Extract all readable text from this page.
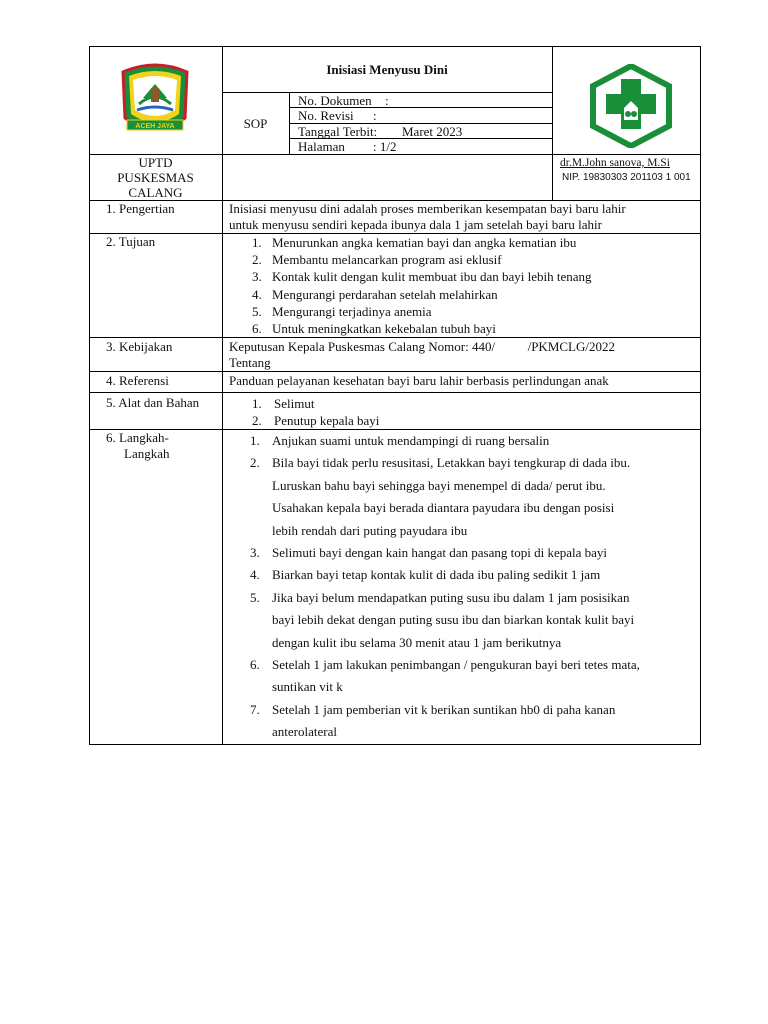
ACEH JAYA
Inisiasi Menyusu Dini
SOP
No. Dokumen :
No. Revisi :
Tanggal Terbit: Maret 2023
Halaman : 1/2
UPTD
PUSKESMAS
CALANG
dr.M.John sanova, M.Si
NIP. 19830303 201103 1 001
1. Pengertian	Inisiasi menyusu dini adalah proses memberikan kesempatan bayi baru lahir
untuk menyusu sendiri kepada ibunya dala 1 jam setelah bayi baru lahir
2. Tujuan	1. Menurunkan angka kematian bayi dan angka kematian ibu
2. Membantu melancarkan program asi eklusif
3. Kontak kulit dengan kulit membuat ibu dan bayi lebih tenang
4. Mengurangi perdarahan setelah melahirkan
5. Mengurangi terjadinya anemia
6. Untuk meningkatkan kekebalan tubuh bayi
3. Kebijakan	Keputusan Kepala Puskesmas Calang Nomor: 440/          /PKMCLG/2022
Tentang
4. Referensi	Panduan pelayanan kesehatan bayi baru lahir berbasis perlindungan anak
5. Alat dan Bahan	1. Selimut
2. Penutup kepala bayi
6. Langkah-
Langkah
1. Anjukan suami untuk mendampingi di ruang bersalin
2. Bila bayi tidak perlu resusitasi, Letakkan bayi tengkurap di dada ibu.
Luruskan bahu bayi sehingga bayi menempel di dada/ perut ibu.
Usahakan kepala bayi berada diantara payudara ibu dengan posisi
lebih rendah dari puting payudara ibu
3. Selimuti bayi dengan kain hangat dan pasang topi di kepala bayi
4. Biarkan bayi tetap kontak kulit di dada ibu paling sedikit 1 jam
5. Jika bayi belum mendapatkan puting susu ibu dalam 1 jam posisikan
bayi lebih dekat dengan puting susu ibu dan biarkan kontak kulit bayi
dengan kulit ibu selama 30 menit atau 1 jam berikutnya
6. Setelah 1 jam lakukan penimbangan / pengukuran bayi beri tetes mata,
suntikan vit k
7. Setelah 1 jam pemberian vit k berikan suntikan hb0 di paha kanan
anterolateral
